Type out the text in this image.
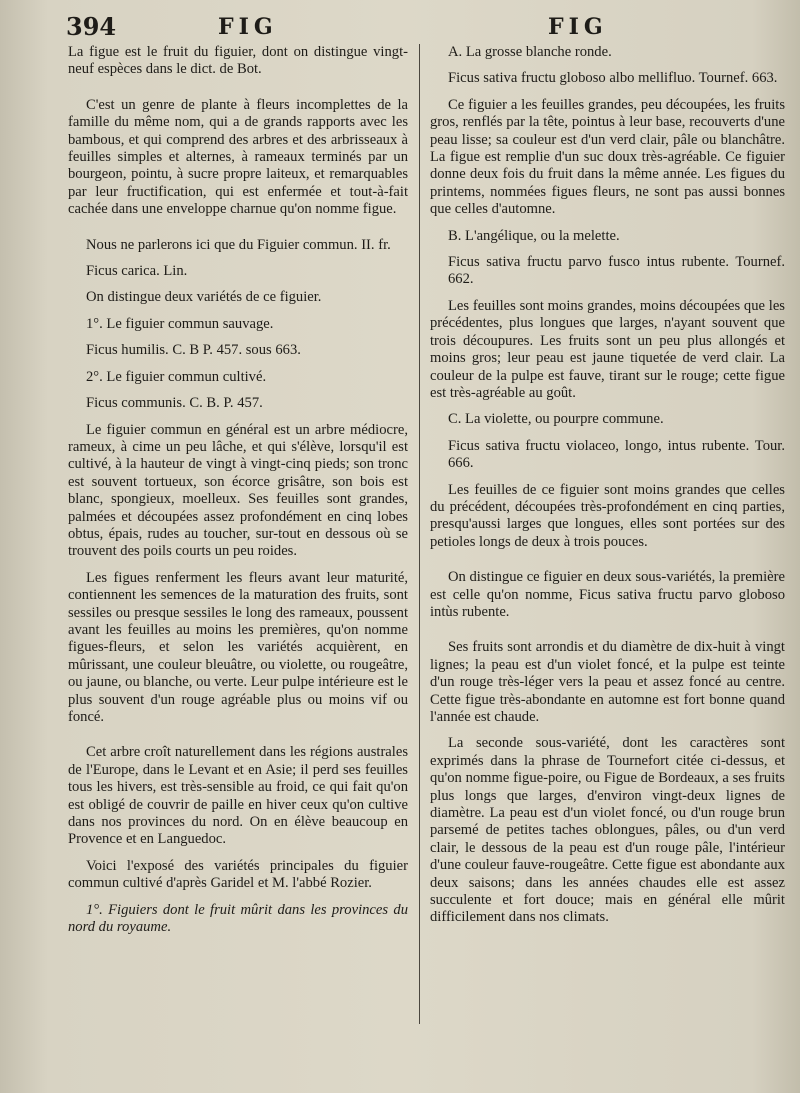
394	FIG	FIG

La figue est le fruit du figuier, dont on distingue vingt-neuf espèces dans le dict. de Bot.

C'est un genre de plante à fleurs incomplettes de la famille du même nom, qui a de grands rapports avec les bambous, et qui comprend des arbres et des arbrisseaux à feuilles simples et alternes, à rameaux terminés par un bourgeon, pointu, à sucre propre laiteux, et remarquables par leur fructification, qui est enfermée et tout-à-fait cachée dans une enveloppe charnue qu'on nomme figue.

Nous ne parlerons ici que du Figuier commun. II. fr.

Ficus carica. Lin.

On distingue deux variétés de ce figuier.

1°. Le figuier commun sauvage.

Ficus humilis. C. B P. 457. sous 663.

2°. Le figuier commun cultivé.

Ficus communis. C. B. P. 457.

Le figuier commun en général est un arbre médiocre, rameux, à cime un peu lâche, et qui s'élève, lorsqu'il est cultivé, à la hauteur de vingt à vingt-cinq pieds; son tronc est souvent tortueux, son écorce grisâtre, son bois est blanc, spongieux, moelleux. Ses feuilles sont grandes, palmées et découpées assez profondément en cinq lobes obtus, épais, rudes au toucher, sur-tout en dessous où se trouvent des poils courts un peu roides.

Les figues renferment les fleurs avant leur maturité, contiennent les semences de la maturation des fruits, sont sessiles ou presque sessiles le long des rameaux, poussent avant les feuilles au moins les premières, qu'on nomme figues-fleurs, et selon les variétés acquièrent, en mûrissant, une couleur bleuâtre, ou violette, ou rougeâtre, ou jaune, ou blanche, ou verte. Leur pulpe intérieure est le plus souvent d'un rouge agréable plus ou moins vif ou foncé.

Cet arbre croît naturellement dans les régions australes de l'Europe, dans le Levant et en Asie; il perd ses feuilles tous les hivers, est très-sensible au froid, ce qui fait qu'on est obligé de couvrir de paille en hiver ceux qu'on cultive dans nos provinces du nord. On en élève beaucoup en Provence et en Languedoc.

Voici l'exposé des variétés principales du figuier commun cultivé d'après Garidel et M. l'abbé Rozier.

1°. Figuiers dont le fruit mûrit dans les provinces du nord du royaume.

A. La grosse blanche ronde.

Ficus sativa fructu globoso albo mellifluo. Tournef. 663.

Ce figuier a les feuilles grandes, peu découpées, les fruits gros, renflés par la tête, pointus à leur base, recouverts d'une peau lisse; sa couleur est d'un verd clair, pâle ou blanchâtre. La figue est remplie d'un suc doux très-agréable. Ce figuier donne deux fois du fruit dans la même année. Les figues du printems, nommées figues fleurs, ne sont pas aussi bonnes que celles d'automne.

B. L'angélique, ou la melette.

Ficus sativa fructu parvo fusco intus rubente. Tournef. 662.

Les feuilles sont moins grandes, moins découpées que les précédentes, plus longues que larges, n'ayant souvent que trois découpures. Les fruits sont un peu plus allongés et moins gros; leur peau est jaune tiquetée de verd clair. La couleur de la pulpe est fauve, tirant sur le rouge; cette figue est très-agréable au goût.

C. La violette, ou pourpre commune.

Ficus sativa fructu violaceo, longo, intus rubente. Tour. 666.

Les feuilles de ce figuier sont moins grandes que celles du précédent, découpées très-profondément en cinq parties, presqu'aussi larges que longues, elles sont portées sur des petioles longs de deux à trois pouces.

On distingue ce figuier en deux sous-variétés, la première est celle qu'on nomme, Ficus sativa fructu parvo globoso intùs rubente.

Ses fruits sont arrondis et du diamètre de dix-huit à vingt lignes; la peau est d'un violet foncé, et la pulpe est teinte d'un rouge très-léger vers la peau et assez foncé au centre. Cette figue très-abondante en automne est fort bonne quand l'année est chaude.

La seconde sous-variété, dont les caractères sont exprimés dans la phrase de Tournefort citée ci-dessus, et qu'on nomme figue-poire, ou Figue de Bordeaux, a ses fruits plus longs que larges, d'environ vingt-deux lignes de diamètre. La peau est d'un violet foncé, ou d'un rouge brun parsemé de petites taches oblongues, pâles, ou d'un verd clair, le dessous de la peau est d'un rouge pâle, l'intérieur d'une couleur fauve-rougeâtre. Cette figue est abondante aux deux saisons; dans les années chaudes elle est assez succulente et fort douce; mais en général elle mûrit difficilement dans nos climats.
